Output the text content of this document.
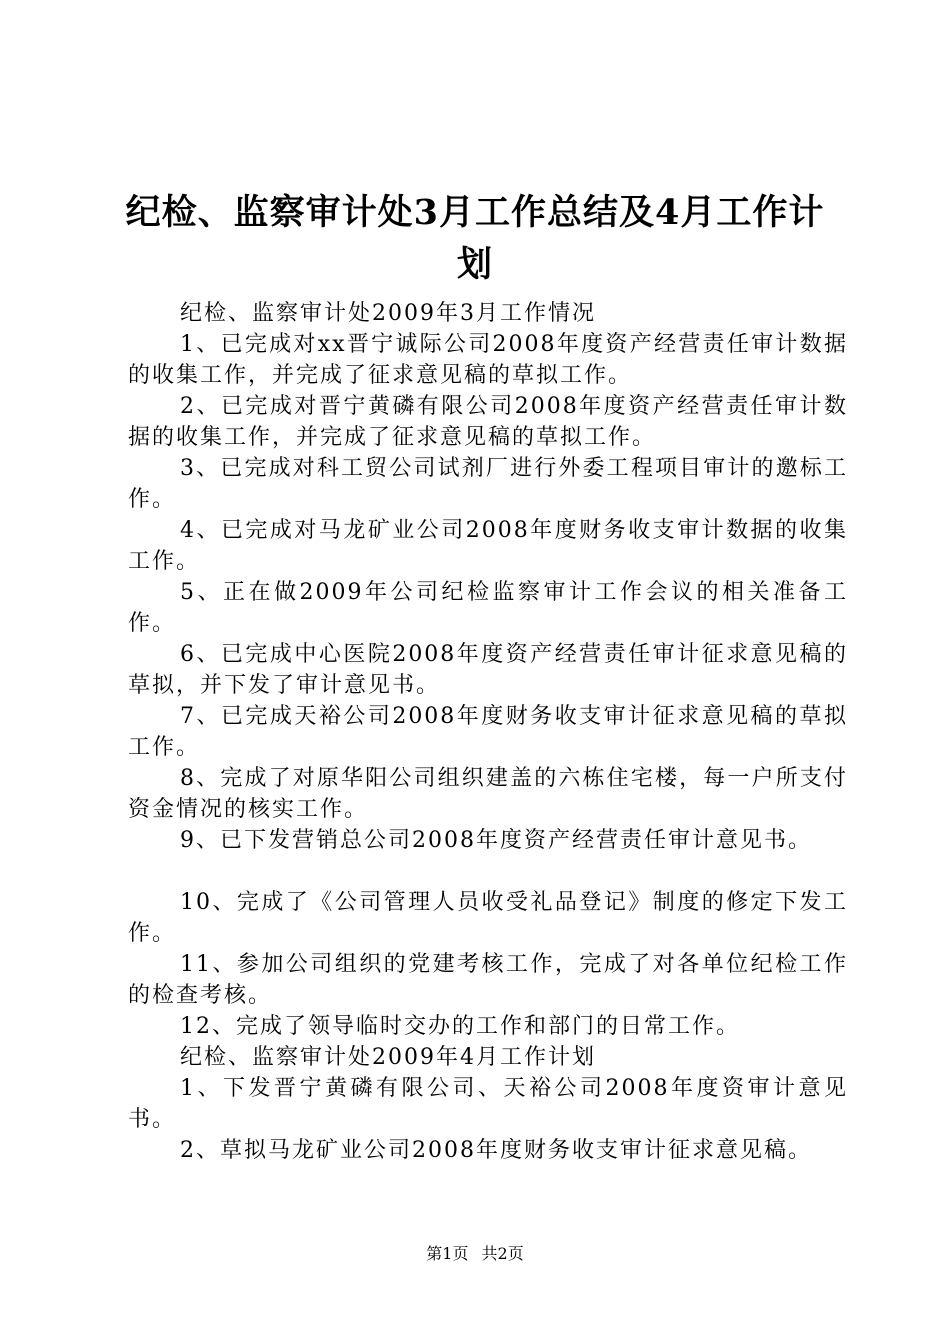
纪检、监察审计处3月工作总结及4月工作计
划

纪检、监察审计处2009年3月工作情况

1、已完成对xx晋宁诚际公司2008年度资产经营责任审计数据的收集工作，并完成了征求意见稿的草拟工作。

2、已完成对晋宁黄磷有限公司2008年度资产经营责任审计数据的收集工作，并完成了征求意见稿的草拟工作。

3、已完成对科工贸公司试剂厂进行外委工程项目审计的邀标工作。

4、已完成对马龙矿业公司2008年度财务收支审计数据的收集工作。

5、正在做2009年公司纪检监察审计工作会议的相关准备工作。

6、已完成中心医院2008年度资产经营责任审计征求意见稿的草拟，并下发了审计意见书。

7、已完成天裕公司2008年度财务收支审计征求意见稿的草拟工作。

8、完成了对原华阳公司组织建盖的六栋住宅楼，每一户所支付资金情况的核实工作。

9、已下发营销总公司2008年度资产经营责任审计意见书。

10、完成了《公司管理人员收受礼品登记》制度的修定下发工作。

11、参加公司组织的党建考核工作，完成了对各单位纪检工作的检查考核。

12、完成了领导临时交办的工作和部门的日常工作。

纪检、监察审计处2009年4月工作计划

1、下发晋宁黄磷有限公司、天裕公司2008年度资审计意见书。

2、草拟马龙矿业公司2008年度财务收支审计征求意见稿。

第1页 共2页
